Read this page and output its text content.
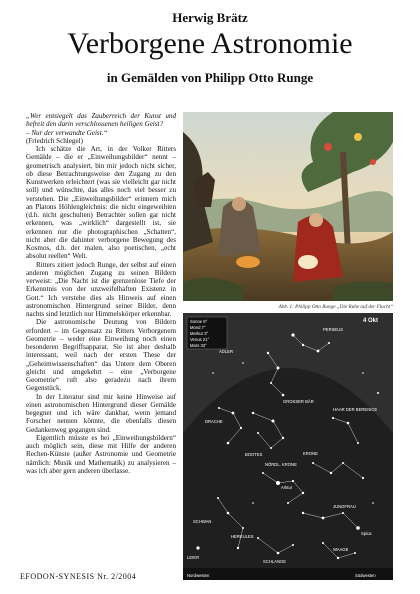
Herwig Brätz
Verborgene Astronomie
in Gemälden von Philipp Otto Runge

„Wer entsiegelt das Zauberreich der Kunst und befreit den darin verschlossenen heiligen Geist?

– Nur der verwandte Geist.“

(Friedrich Schlegel)

Ich schätze die Art, in der Volker Ritters Gemälde – die er „Einweihungsbilder“ nennt – geometrisch analysiert, bin mir jedoch nicht sicher, ob diese Betrachtungsweise den Zugang zu den Kunstwerken erleichtert (was sie vielleicht gar nicht soll) und wünschte, das alles noch viel besser zu verstehen. Die „Einweihungsbilder“ erinnern mich an Platons Höhlengleichnis: die nicht eingeweihten (d.h. nicht geschulten) Betrachter sollen gar nicht erkennen, was „wirklich“ dargestellt ist, sie erkennen nur die photographischen „Schatten“, nicht aber die dahinter verborgene Bewegung des Kosmos, d.h. der malen, also poetischen, „echt absolut reellen“ Welt.

Ritters zitiert jedoch Runge, der selbst auf einen anderen möglichen Zugang zu seinen Bildern verweist: „Die Nacht ist die grenzenlose Tiefe der Erkenntnis von der unzweifelhaften Existenz in Gott.“ Ich verstehe dies als Hinweis auf einen astronomischen Hintergrund seiner Bilder, denn nachts sind letztlich nur Himmelskörper erkennbar.

Die astronomische Deutung von Bildern erfordert – im Gegensatz zu Ritters Verborgenem Geometrie – weder eine Einweihung noch einen besonderen Begriffsapparat. Sie ist aber deshalb interessant, weil nach der ersten These der „Geheimwissenschaften“ das Untere dem Oberen gleicht und umgekehrt – eine „Verborgene Geometrie“ ruft also geradezu nach ihrem Gegenstück.

In der Literatur sind mir keine Hinweise auf einen astronomischen Hintergrund dieser Gemälde begegnet und ich wäre dankbar, wenn jemand Forscher nennen könnte, die ebenfalls diesen Gedankenweg gegangen sind.

Eigentlich müsste es bei „Einweihungsbildern“ auch möglich sein, diese mit Hilfe der anderen Rechen-Künste (außer Astronomie und Geometrie nämlich: Musik und Mathematik) zu analysieren – was ich aber gern anderen überlasse.

Abb. 1: Philipp Otto Runge „Die Ruhe auf der Flucht“
Sonne 8°
Mond 7°
Merkur 3°
Venus 21°
Mars 33°
4 Okt
LEIER
SCHWAN
ADLER
PERSEUS
DRACHE
GROSSER BÄR
BOOTES
HAAR DER BERENICE
KRONE
NÖRDL. KRONE
JUNGFRAU
HERKULES
SCHLANGE
WAAGE
Arktur
Spica
Nordwesten	Südwesten
EFODON-SYNESIS Nr. 2/2004
